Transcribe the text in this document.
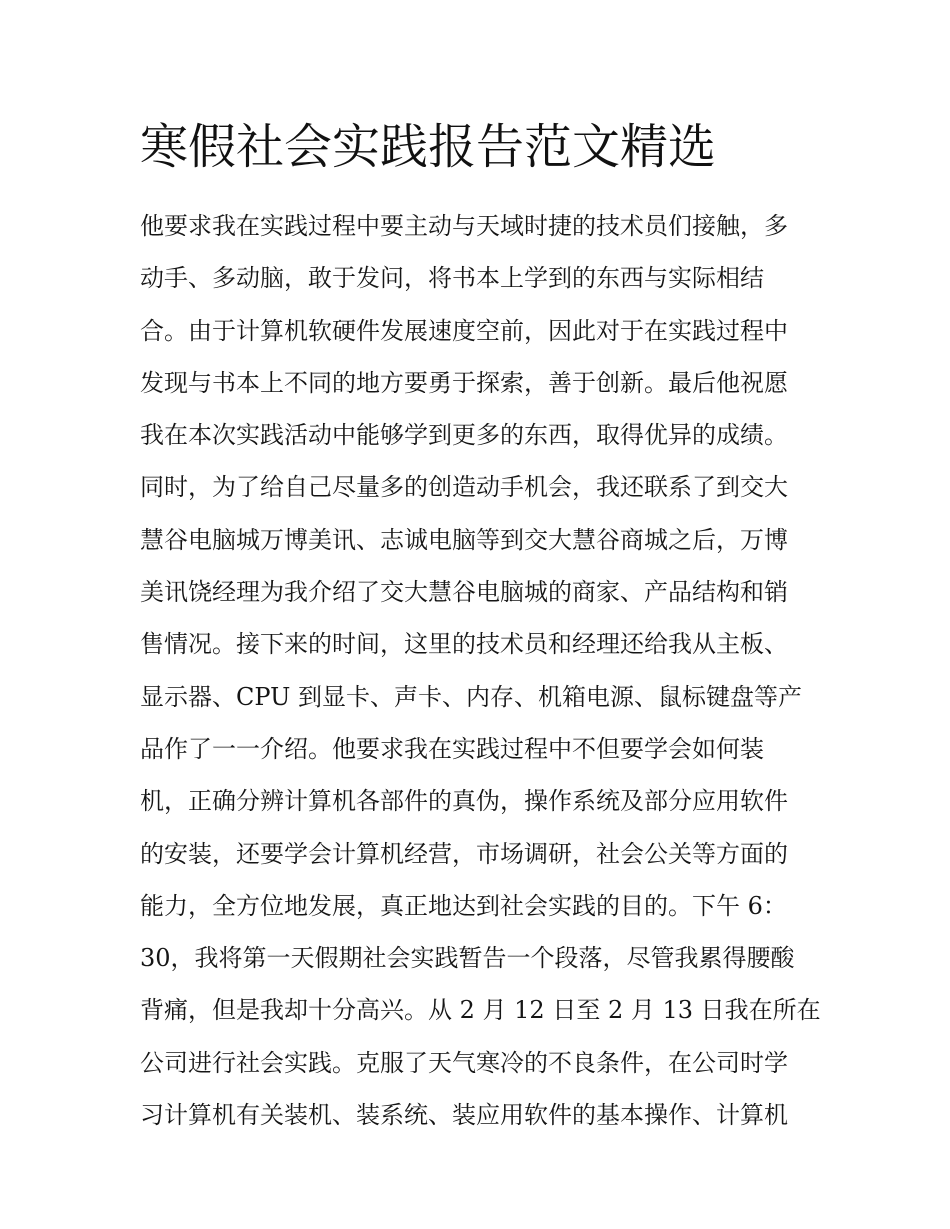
寒假社会实践报告范文精选
他要求我在实践过程中要主动与天域时捷的技术员们接触，多
动手、多动脑，敢于发问，将书本上学到的东西与实际相结
合。由于计算机软硬件发展速度空前，因此对于在实践过程中
发现与书本上不同的地方要勇于探索，善于创新。最后他祝愿
我在本次实践活动中能够学到更多的东西，取得优异的成绩。
同时，为了给自己尽量多的创造动手机会，我还联系了到交大
慧谷电脑城万博美讯、志诚电脑等到交大慧谷商城之后，万博
美讯饶经理为我介绍了交大慧谷电脑城的商家、产品结构和销
售情况。接下来的时间，这里的技术员和经理还给我从主板、
显示器、CPU 到显卡、声卡、内存、机箱电源、鼠标键盘等产
品作了一一介绍。他要求我在实践过程中不但要学会如何装
机，正确分辨计算机各部件的真伪，操作系统及部分应用软件
的安装，还要学会计算机经营，市场调研，社会公关等方面的
能力，全方位地发展，真正地达到社会实践的目的。下午 6：
30，我将第一天假期社会实践暂告一个段落，尽管我累得腰酸
背痛，但是我却十分高兴。从 2 月 12 日至 2 月 13 日我在所在
公司进行社会实践。克服了天气寒冷的不良条件，在公司时学
习计算机有关装机、装系统、装应用软件的基本操作、计算机
